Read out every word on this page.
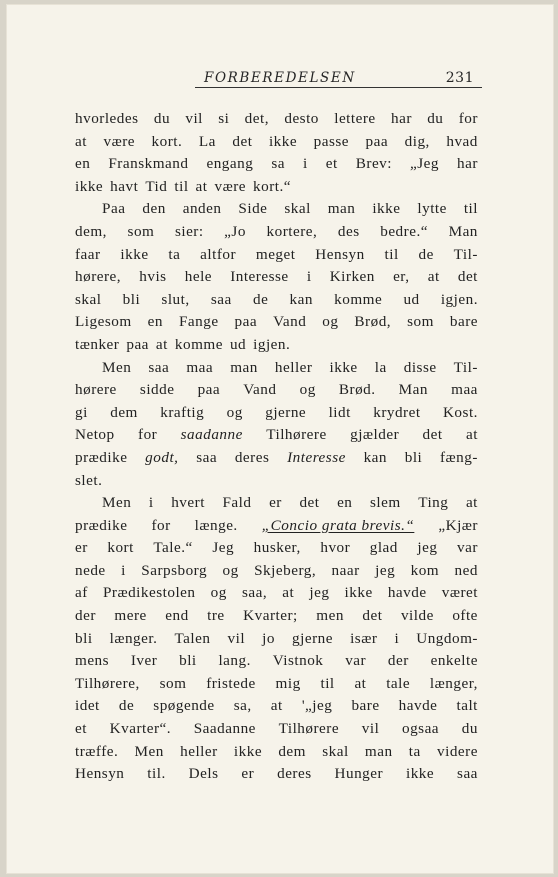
FORBEREDELSEN	231
hvorledes du vil si det, desto lettere har du for
at være kort. La det ikke passe paa dig, hvad
en Franskmand engang sa i et Brev: „Jeg har
ikke havt Tid til at være kort.“
Paa den anden Side skal man ikke lytte til
dem, som sier: „Jo kortere, des bedre.“ Man
faar ikke ta altfor meget Hensyn til de Til-
hørere, hvis hele Interesse i Kirken er, at det
skal bli slut, saa de kan komme ud igjen.
Ligesom en Fange paa Vand og Brød, som bare
tænker paa at komme ud igjen.
Men saa maa man heller ikke la disse Til-
hørere sidde paa Vand og Brød. Man maa
gi dem kraftig og gjerne lidt krydret Kost.
Netop for saadanne Tilhørere gjælder det at
prædike godt, saa deres Interesse kan bli fæng-
slet.
Men i hvert Fald er det en slem Ting at
prædike for længe. „Concio grata brevis.“ „Kjær
er kort Tale.“ Jeg husker, hvor glad jeg var
nede i Sarpsborg og Skjeberg, naar jeg kom ned
af Prædikestolen og saa, at jeg ikke havde været
der mere end tre Kvarter; men det vilde ofte
bli længer. Talen vil jo gjerne især i Ungdom-
mens Iver bli lang. Vistnok var der enkelte
Tilhørere, som fristede mig til at tale længer,
idet de spøgende sa, at '„jeg bare havde talt
et Kvarter“. Saadanne Tilhørere vil ogsaa du
træffe. Men heller ikke dem skal man ta videre
Hensyn til. Dels er deres Hunger ikke saa
